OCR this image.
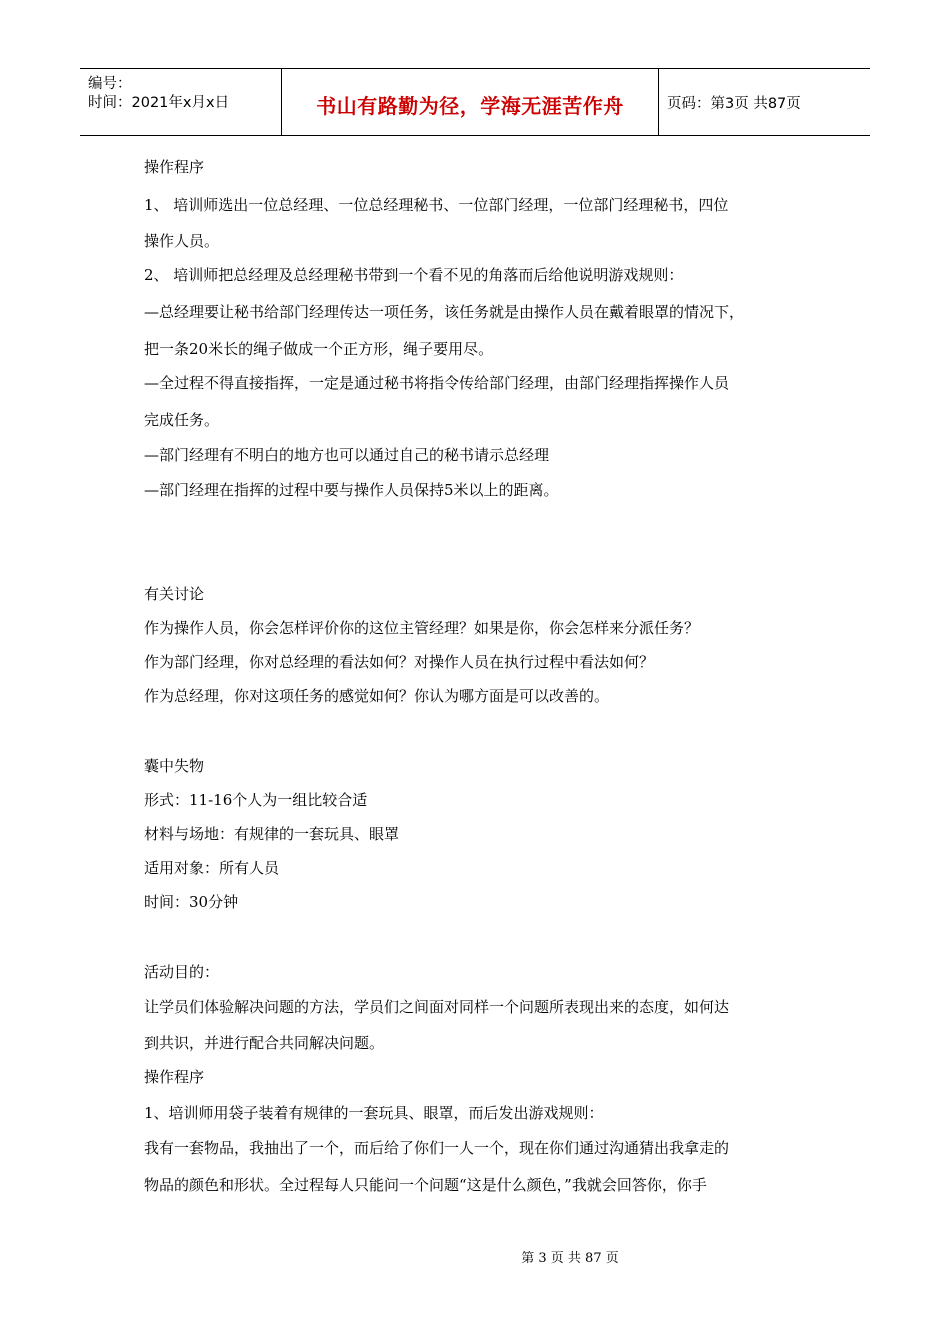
编号：
时间：2021年x月x日	书山有路勤为径，学海无涯苦作舟	页码：第3页 共87页
操作程序
1、 培训师选出一位总经理、一位总经理秘书、一位部门经理，一位部门经理秘书，四位
操作人员。
2、 培训师把总经理及总经理秘书带到一个看不见的角落而后给他说明游戏规则：
—总经理要让秘书给部门经理传达一项任务，该任务就是由操作人员在戴着眼罩的情况下，
把一条20米长的绳子做成一个正方形，绳子要用尽。
—全过程不得直接指挥，一定是通过秘书将指令传给部门经理，由部门经理指挥操作人员
完成任务。
—部门经理有不明白的地方也可以通过自己的秘书请示总经理
—部门经理在指挥的过程中要与操作人员保持5米以上的距离。
有关讨论
作为操作人员，你会怎样评价你的这位主管经理？如果是你，你会怎样来分派任务？
作为部门经理，你对总经理的看法如何？对操作人员在执行过程中看法如何？
作为总经理，你对这项任务的感觉如何？你认为哪方面是可以改善的。
囊中失物
形式：11-16个人为一组比较合适
材料与场地：有规律的一套玩具、眼罩
适用对象：所有人员
时间：30分钟
活动目的：
让学员们体验解决问题的方法，学员们之间面对同样一个问题所表现出来的态度，如何达
到共识，并进行配合共同解决问题。
操作程序
1、培训师用袋子装着有规律的一套玩具、眼罩，而后发出游戏规则：
我有一套物品，我抽出了一个，而后给了你们一人一个，现在你们通过沟通猜出我拿走的
物品的颜色和形状。全过程每人只能问一个问题“这是什么颜色，”我就会回答你，你手
第 3 页 共 87 页
